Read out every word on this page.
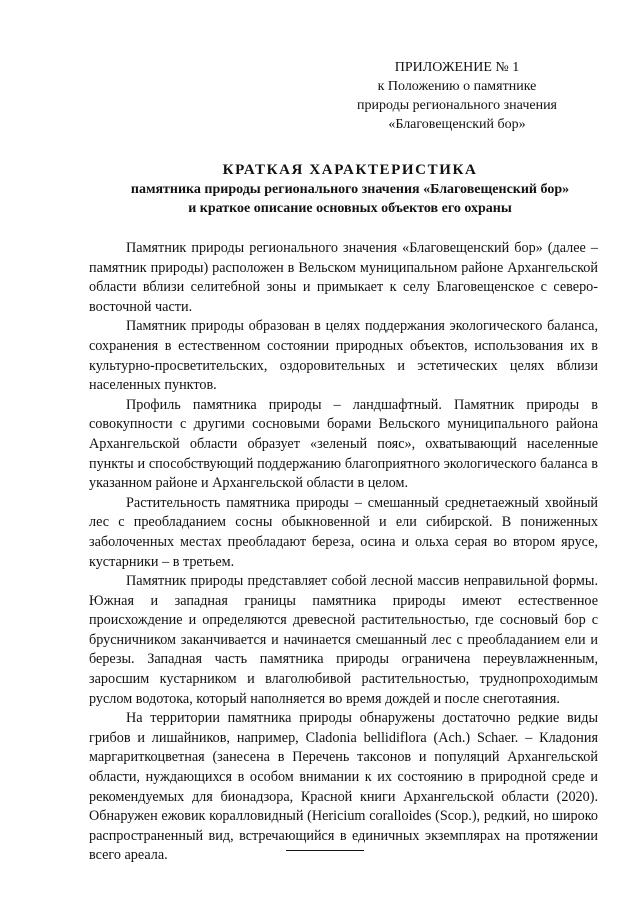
ПРИЛОЖЕНИЕ № 1
к Положению о памятнике
природы регионального значения
«Благовещенский бор»
КРАТКАЯ ХАРАКТЕРИСТИКА
памятника природы регионального значения «Благовещенский бор»
и краткое описание основных объектов его охраны

Памятник природы регионального значения «Благовещенский бор» (далее – памятник природы) расположен в Вельском муниципальном районе Архангельской области вблизи селитебной зоны и примыкает к селу Благовещенское с северо-восточной части.

Памятник природы образован в целях поддержания экологического баланса, сохранения в естественном состоянии природных объектов, использования их в культурно-просветительских, оздоровительных и эстетических целях вблизи населенных пунктов.

Профиль памятника природы – ландшафтный. Памятник природы в совокупности с другими сосновыми борами Вельского муниципального района Архангельской области образует «зеленый пояс», охватывающий населенные пункты и способствующий поддержанию благоприятного экологического баланса в указанном районе и Архангельской области в целом.

Растительность памятника природы – смешанный среднетаежный хвойный лес с преобладанием сосны обыкновенной и ели сибирской. В пониженных заболоченных местах преобладают береза, осина и ольха серая во втором ярусе, кустарники – в третьем.

Памятник природы представляет собой лесной массив неправильной формы. Южная и западная границы памятника природы имеют естественное происхождение и определяются древесной растительностью, где сосновый бор с брусничником заканчивается и начинается смешанный лес с преобладанием ели и березы. Западная часть памятника природы ограничена переувлажненным, заросшим кустарником и влаголюбивой растительностью, труднопроходимым руслом водотока, который наполняется во время дождей и после снеготаяния.

На территории памятника природы обнаружены достаточно редкие виды грибов и лишайников, например, Cladonia bellidiflora (Ach.) Schaer. – Кладония маргариткоцветная (занесена в Перечень таксонов и популяций Архангельской области, нуждающихся в особом внимании к их состоянию в природной среде и рекомендуемых для бионадзора, Красной книги Архангельской области (2020). Обнаружен ежовик коралловидный (Hericium coralloides (Scop.), редкий, но широко распространенный вид, встречающийся в единичных экземплярах на протяжении всего ареала.
